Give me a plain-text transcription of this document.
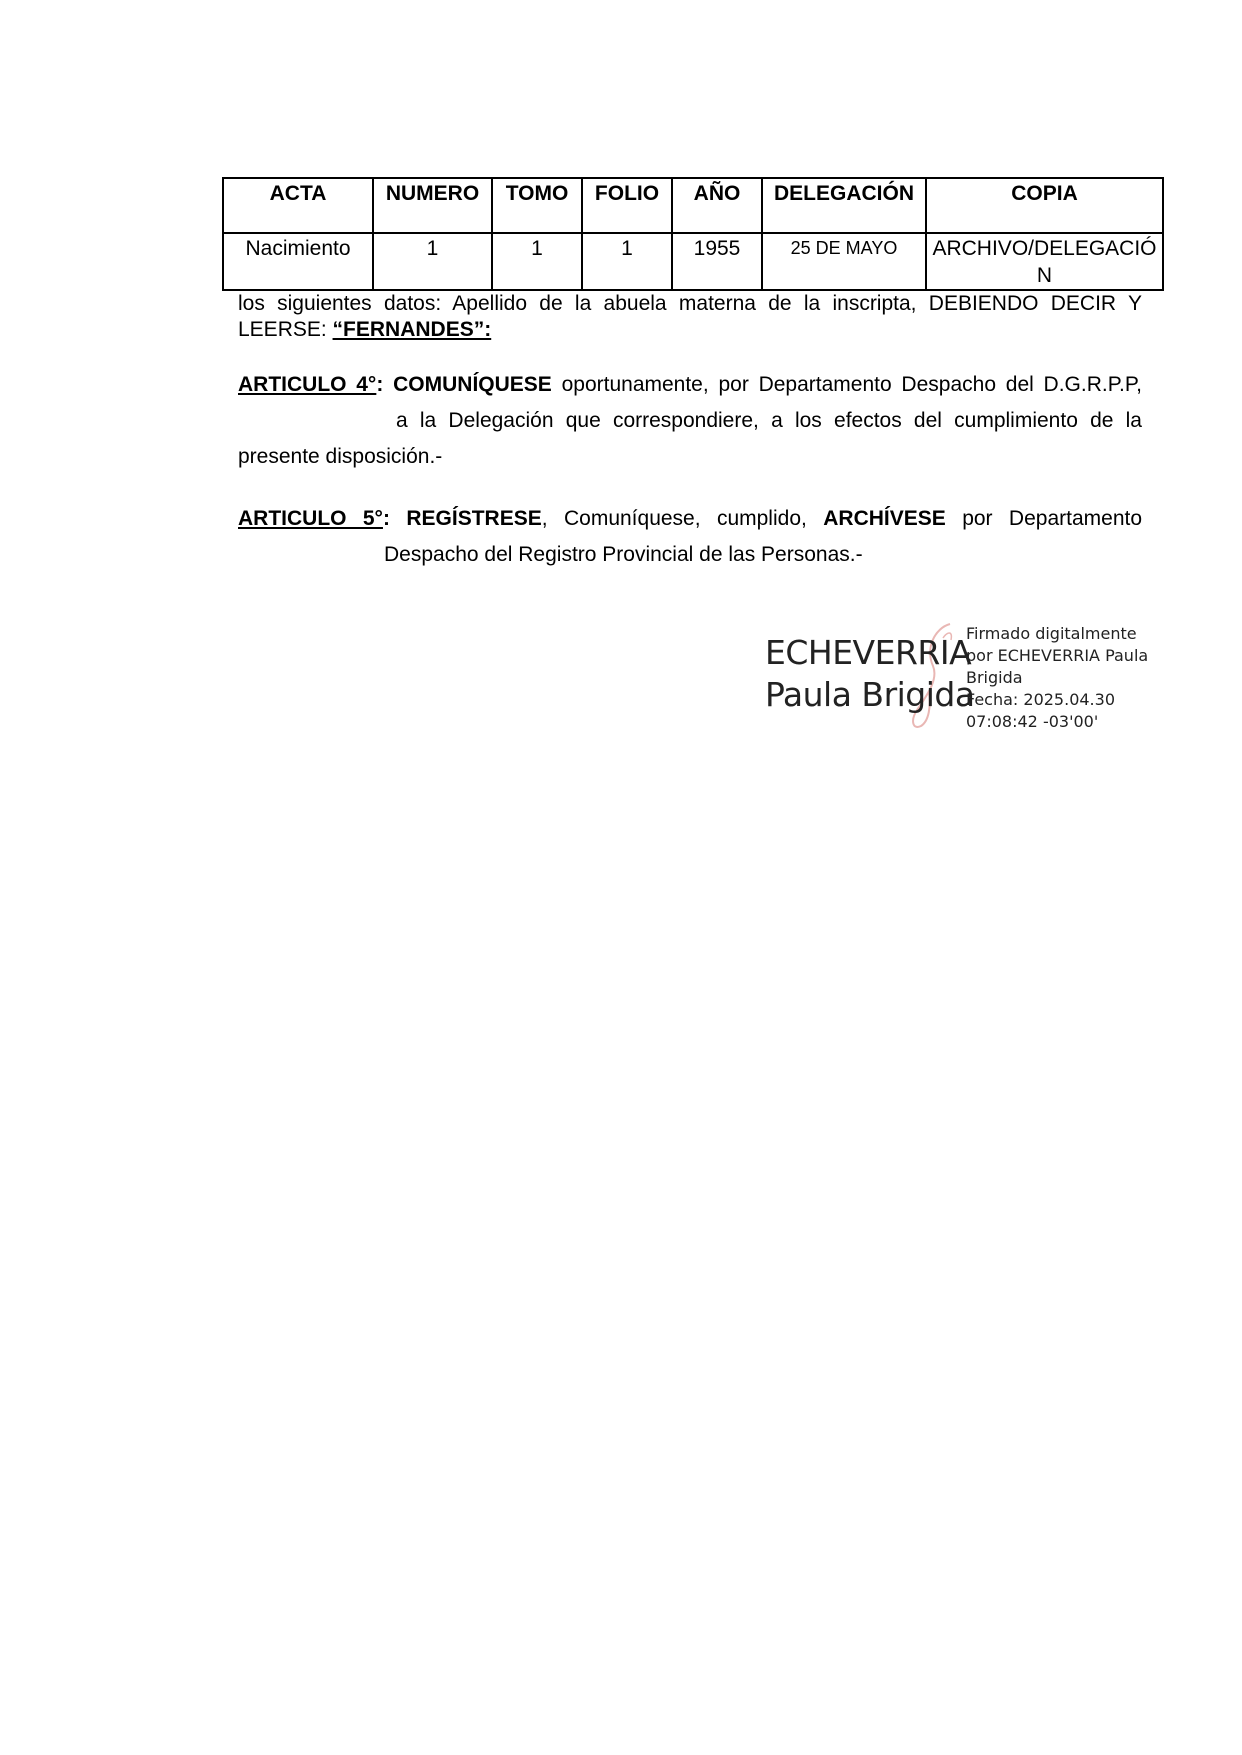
ACTA	NUMERO	TOMO	FOLIO	AÑO	DELEGACIÓN	COPIA
Nacimiento	1	1	1	1955	25 DE MAYO	ARCHIVO/DELEGACIÓN
los siguientes datos: Apellido de la abuela materna de la inscripta, DEBIENDO DECIR Y
LEERSE: “FERNANDES”:
ARTICULO 4°: COMUNÍQUESE oportunamente, por Departamento Despacho del D.G.R.P.P,
a la Delegación que correspondiere, a los efectos del cumplimiento de la
presente disposición.-
ARTICULO 5°: REGÍSTRESE, Comuníquese, cumplido, ARCHÍVESE por Departamento
Despacho del Registro Provincial de las Personas.-
ECHEVERRIA
Paula Brigida
Firmado digitalmente
por ECHEVERRIA Paula
Brigida
Fecha: 2025.04.30
07:08:42 -03'00'
